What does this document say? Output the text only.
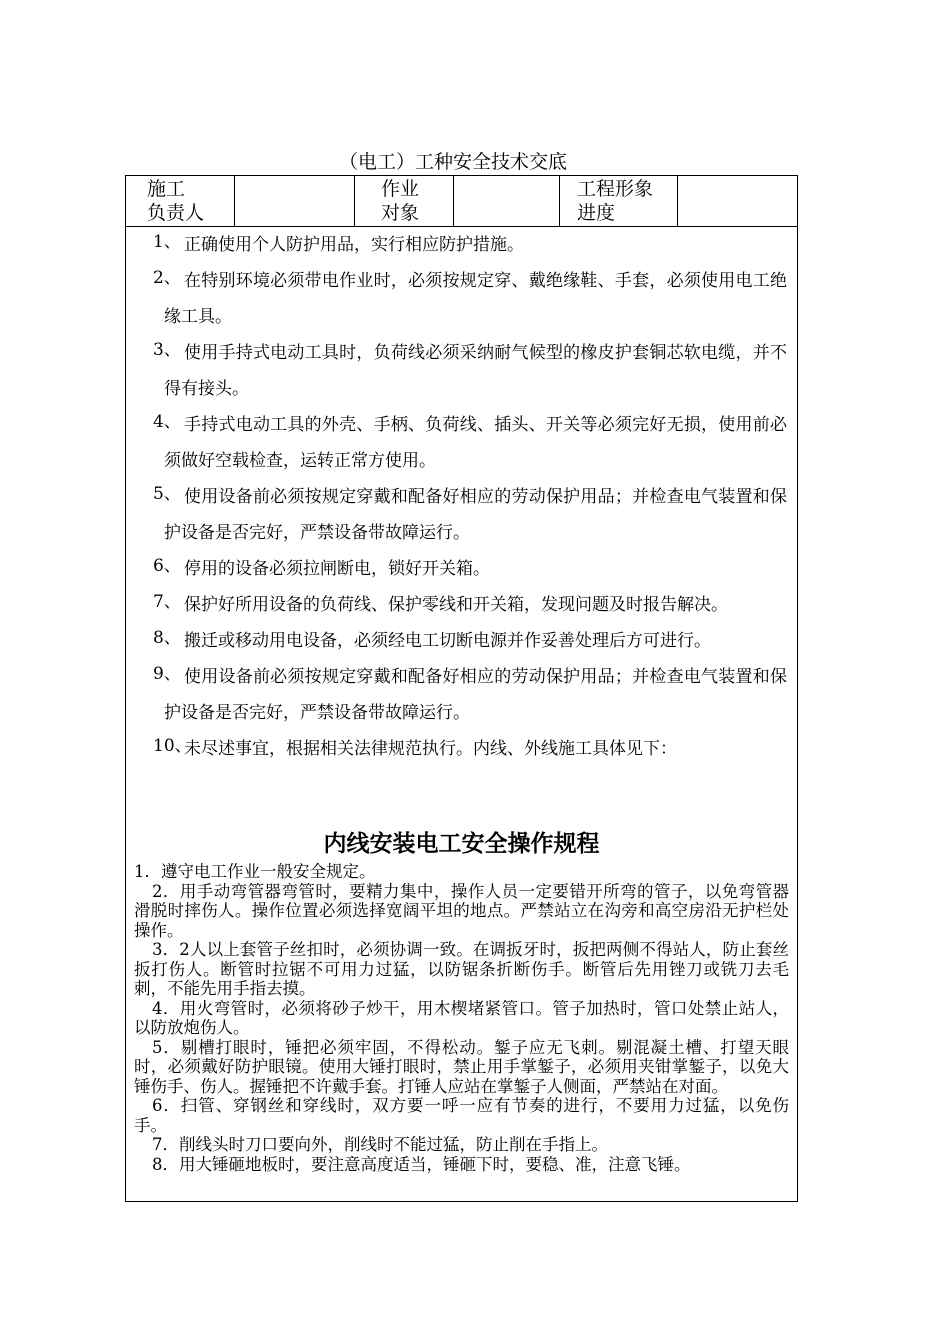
（电工）工种安全技术交底
施工
负责人
作业
对象
工程形象
进度
1、 正确使用个人防护用品，实行相应防护措施。
2、 在特别环境必须带电作业时，必须按规定穿、戴绝缘鞋、手套，必须使用电工绝缘工具。
3、 使用手持式电动工具时，负荷线必须采纳耐气候型的橡皮护套铜芯软电缆，并不得有接头。
4、 手持式电动工具的外壳、手柄、负荷线、插头、开关等必须完好无损，使用前必须做好空载检查，运转正常方使用。
5、 使用设备前必须按规定穿戴和配备好相应的劳动保护用品；并检查电气装置和保护设备是否完好，严禁设备带故障运行。
6、 停用的设备必须拉闸断电，锁好开关箱。
7、 保护好所用设备的负荷线、保护零线和开关箱，发现问题及时报告解决。
8、 搬迁或移动用电设备，必须经电工切断电源并作妥善处理后方可进行。
9、 使用设备前必须按规定穿戴和配备好相应的劳动保护用品；并检查电气装置和保护设备是否完好，严禁设备带故障运行。
10、
未尽述事宜，根据相关法律规范执行。内线、外线施工具体见下：
内线安装电工安全操作规程

1．遵守电工作业一般安全规定。

2．用手动弯管器弯管时，要精力集中，操作人员一定要错开所弯的管子，以免弯管器滑脱时摔伤人。操作位置必须选择宽阔平坦的地点。严禁站立在沟旁和高空房沿无护栏处操作。

3．2人以上套管子丝扣时，必须协调一致。在调扳牙时，扳把两侧不得站人，防止套丝扳打伤人。断管时拉锯不可用力过猛，以防锯条折断伤手。断管后先用锉刀或铣刀去毛刺，不能先用手指去摸。

4．用火弯管时，必须将砂子炒干，用木楔堵紧管口。管子加热时，管口处禁止站人，以防放炮伤人。

5．剔槽打眼时，锤把必须牢固，不得松动。錾子应无飞刺。剔混凝土槽、打望天眼时，必须戴好防护眼镜。使用大锤打眼时，禁止用手掌錾子，必须用夹钳掌錾子，以免大锤伤手、伤人。握锤把不许戴手套。打锤人应站在掌錾子人侧面，严禁站在对面。

6．扫管、穿钢丝和穿线时，双方要一呼一应有节奏的进行，不要用力过猛，以免伤手。

7．削线头时刀口要向外，削线时不能过猛，防止削在手指上。

8．用大锤砸地板时，要注意高度适当，锤砸下时，要稳、准，注意飞锤。
